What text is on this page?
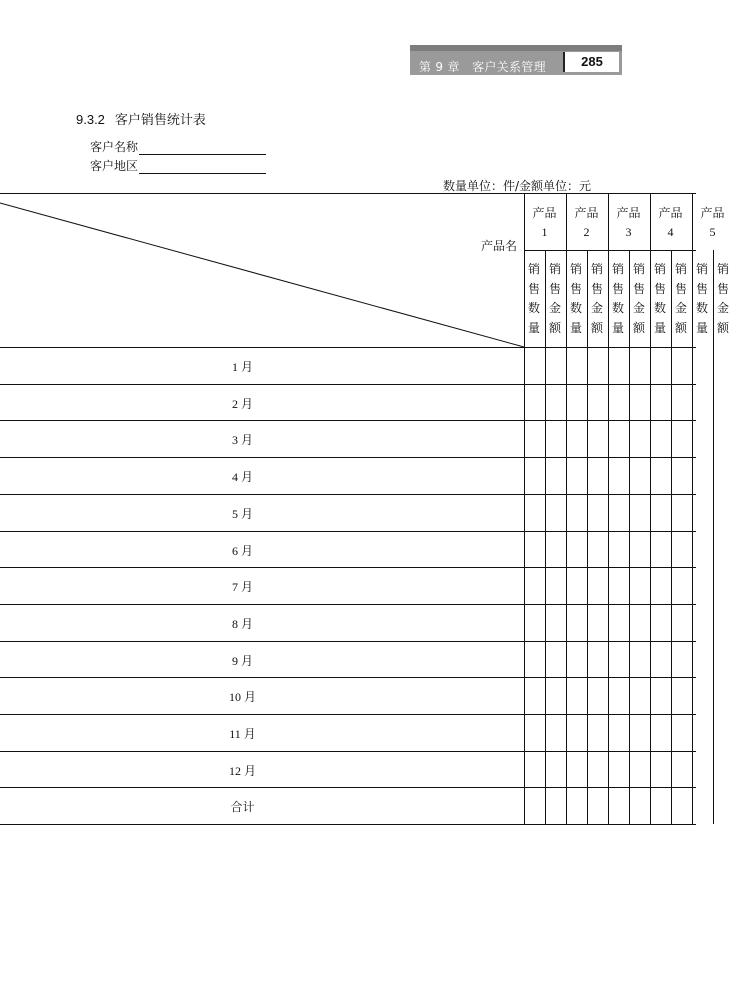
第 9 章　客户关系管理	285
9.3.2 客户销售统计表
客户名称
客户地区
数量单位：件/金额单位：元
产品名
产品
1
销
售
数
量
销
售
金
额
产品
2
销
售
数
量
销
售
金
额
产品
3
销
售
数
量
销
售
金
额
产品
4
销
售
数
量
销
售
金
额
产品
5
销
售
数
量
销
售
金
额
1 月
2 月
3 月
4 月
5 月
6 月
7 月
8 月
9 月
10 月
11 月
12 月
合计
